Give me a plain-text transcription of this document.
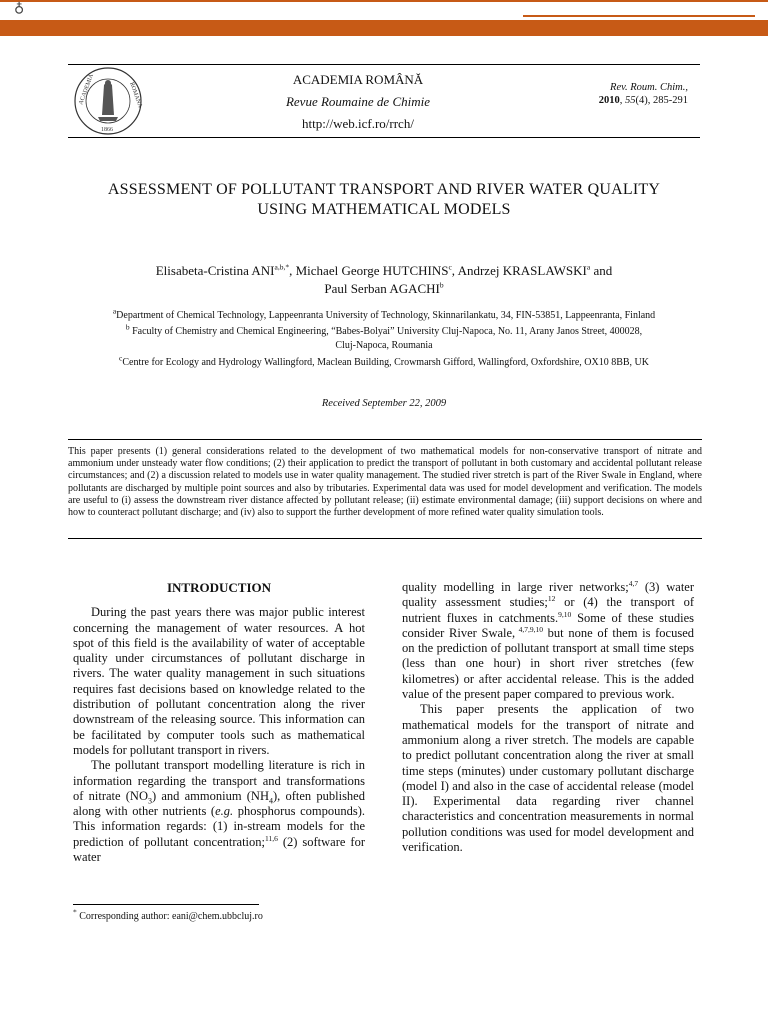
♁
ACADEMIA	ROMANA
1866
ACADEMIA ROMÂNĂ
Revue Roumaine de Chimie
http://web.icf.ro/rrch/
Rev. Roum. Chim.,
2010, 55(4), 285-291
ASSESSMENT OF POLLUTANT TRANSPORT AND RIVER WATER QUALITY
USING MATHEMATICAL MODELS
Elisabeta-Cristina $ANI^{a,b,*}$, Michael George HUTCHINS$^c$, Andrzej KRASLAWSKI$^a$ and
Paul Serban AGACHI$^b$
$^a$Department of Chemical Technology, Lappeenranta University of Technology, Skinnarilankatu, 34, FIN-53851, Lappeenranta, Finland
$^b$ Faculty of Chemistry and Chemical Engineering, “Babes-Bolyai” University Cluj-Napoca, No. 11, Arany Janos Street, 400028,
Cluj-Napoca, Roumania
$^c$Centre for Ecology and Hydrology Wallingford, Maclean Building, Crowmarsh Gifford, Wallingford, Oxfordshire, OX10 8BB, UK
Received September 22, 2009

This paper presents (1) general considerations related to the development of two mathematical models for non-conservative transport of nitrate and ammonium under unsteady water flow conditions; (2) their application to predict the transport of pollutant in both customary and accidental pollutant release circumstances; and (2) a discussion related to models use in water quality management. The studied river stretch is part of the River Swale in England, where pollutants are discharged by multiple point sources and also by tributaries. Experimental data was used for model development and verification. The models are useful to (i) assess the downstream river distance affected by pollutant release; (ii) estimate environmental damage; (iii) support decisions on where and how to counteract pollutant discharge; and (iv) also to support the further development of more refined water quality simulation tools.

INTRODUCTION

During the past years there was major public interest concerning the management of water resources. A hot spot of this field is the availability of water of acceptable quality under circumstances of pollutant discharge in rivers. The water quality management in such situations requires fast decisions based on knowledge related to the distribution of pollutant concentration along the river downstream of the releasing source. This information can be facilitated by computer tools such as mathematical models for pollutant transport in rivers.

The pollutant transport modelling literature is rich in information regarding the transport and transformations of nitrate $(NO_3)$ and ammonium $(NH_4)$, often published along with other nutrients (e.g. phosphorus compounds). This information regards: (1) in-stream models for the prediction of pollutant concentration;$^{11,6}$ (2) software for water

quality modelling in large river networks;$^{4,7}$ (3) water quality assessment studies;$^{12}$ or (4) the transport of nutrient fluxes in catchments.$^{9,10}$ Some of these studies consider River Swale, $^{4,7,9,10}$ but none of them is focused on the prediction of pollutant transport at small time steps (less than one hour) in short river stretches (few kilometres) or after accidental release. This is the added value of the present paper compared to previous work.

This paper presents the application of two mathematical models for the transport of nitrate and ammonium along a river stretch. The models are capable to predict pollutant concentration along the river at small time steps (minutes) under customary pollutant discharge (model I) and also in the case of accidental release (model II). Experimental data regarding river channel characteristics and concentration measurements in normal pollution conditions was used for model development and verification.

* Corresponding author: eani@chem.ubbcluj.ro
